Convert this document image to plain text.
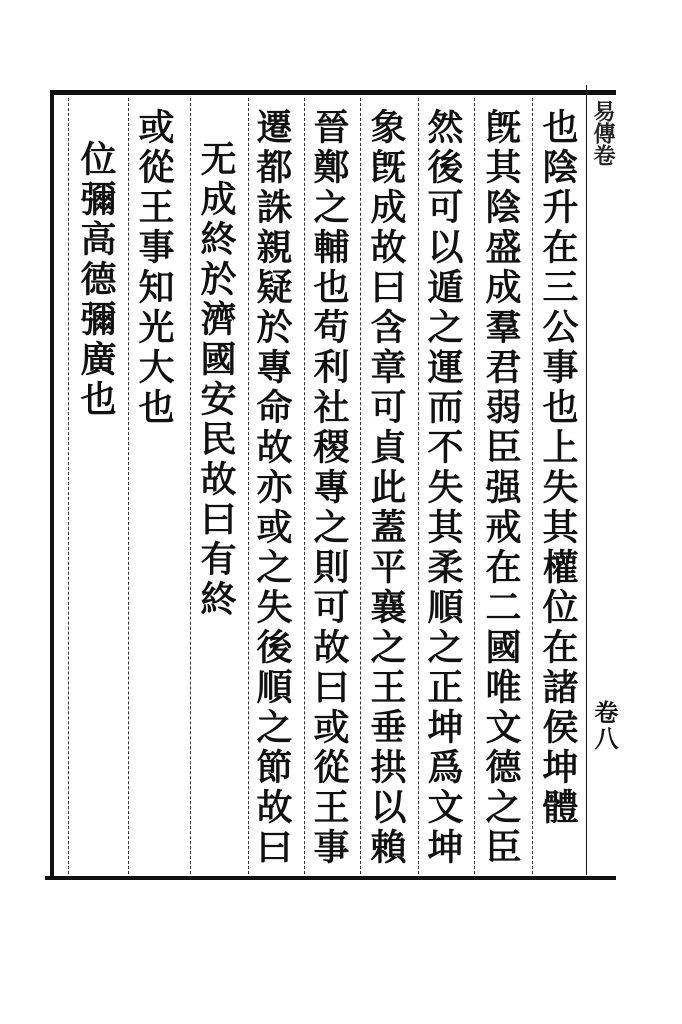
易傳卷
卷八
也陰升在三公事也上失其權位在諸侯坤體
旣其陰盛成羣君弱臣强戒在二國唯文德之臣
然後可以遁之運而不失其柔順之正坤爲文坤
象旣成故曰含章可貞此蓋平襄之王垂拱以賴
晉鄭之輔也苟利社稷專之則可故曰或從王事
遷都誅親疑於專命故亦或之失後順之節故曰
无成終於濟國安民故曰有終
或從王事知光大也
位彌高德彌廣也
